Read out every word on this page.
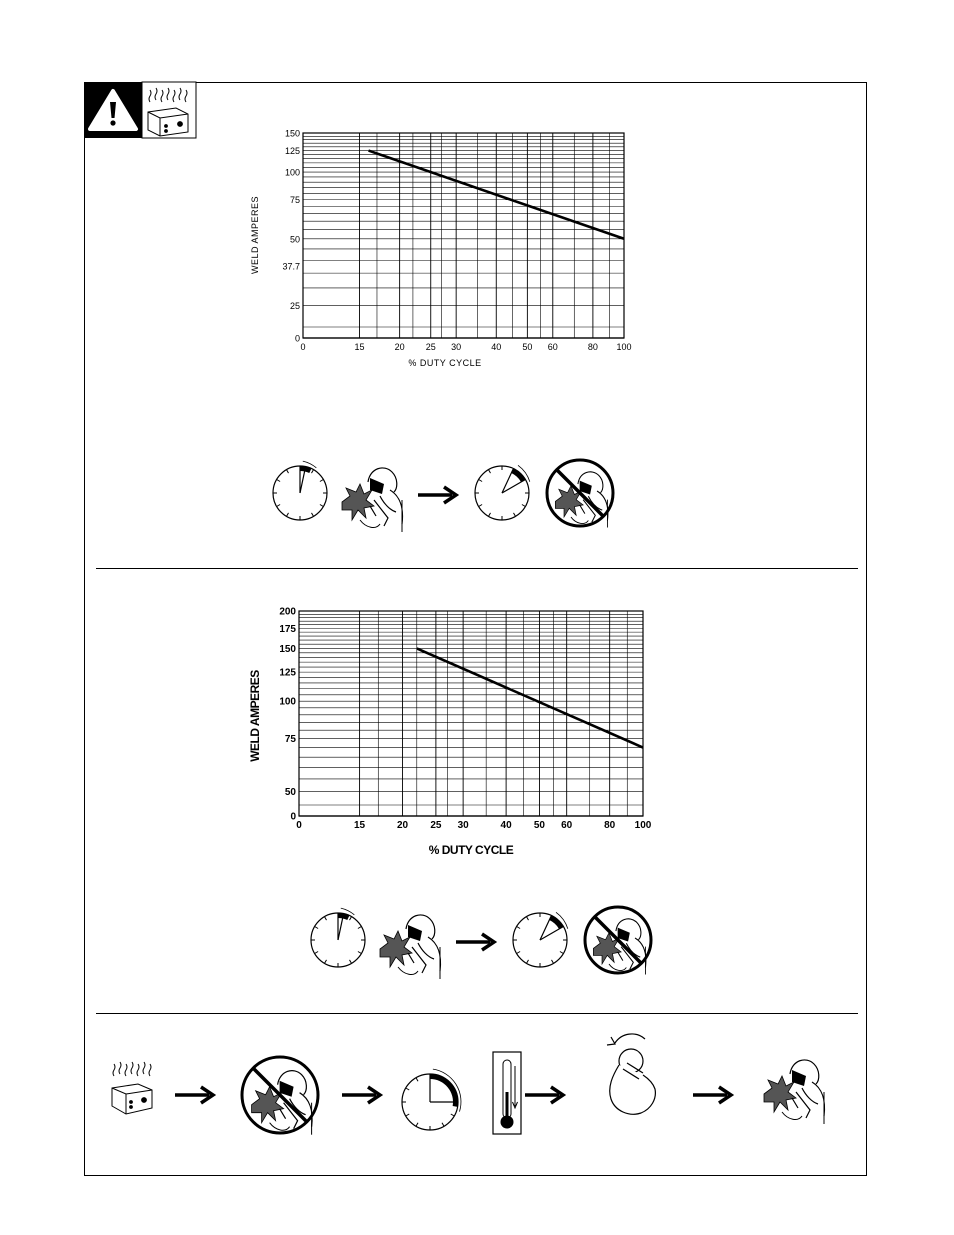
0
25
37.7
50
75
100
125
150
0	15	20 25 30	40 50 60	80 100
% DUTY CYCLE
WELD AMPERES
0
50
75
100
125
150
175
200
0	15	20 25 30	40 50 60	80 100
% DUTY CYCLE
WELD AMPERES
